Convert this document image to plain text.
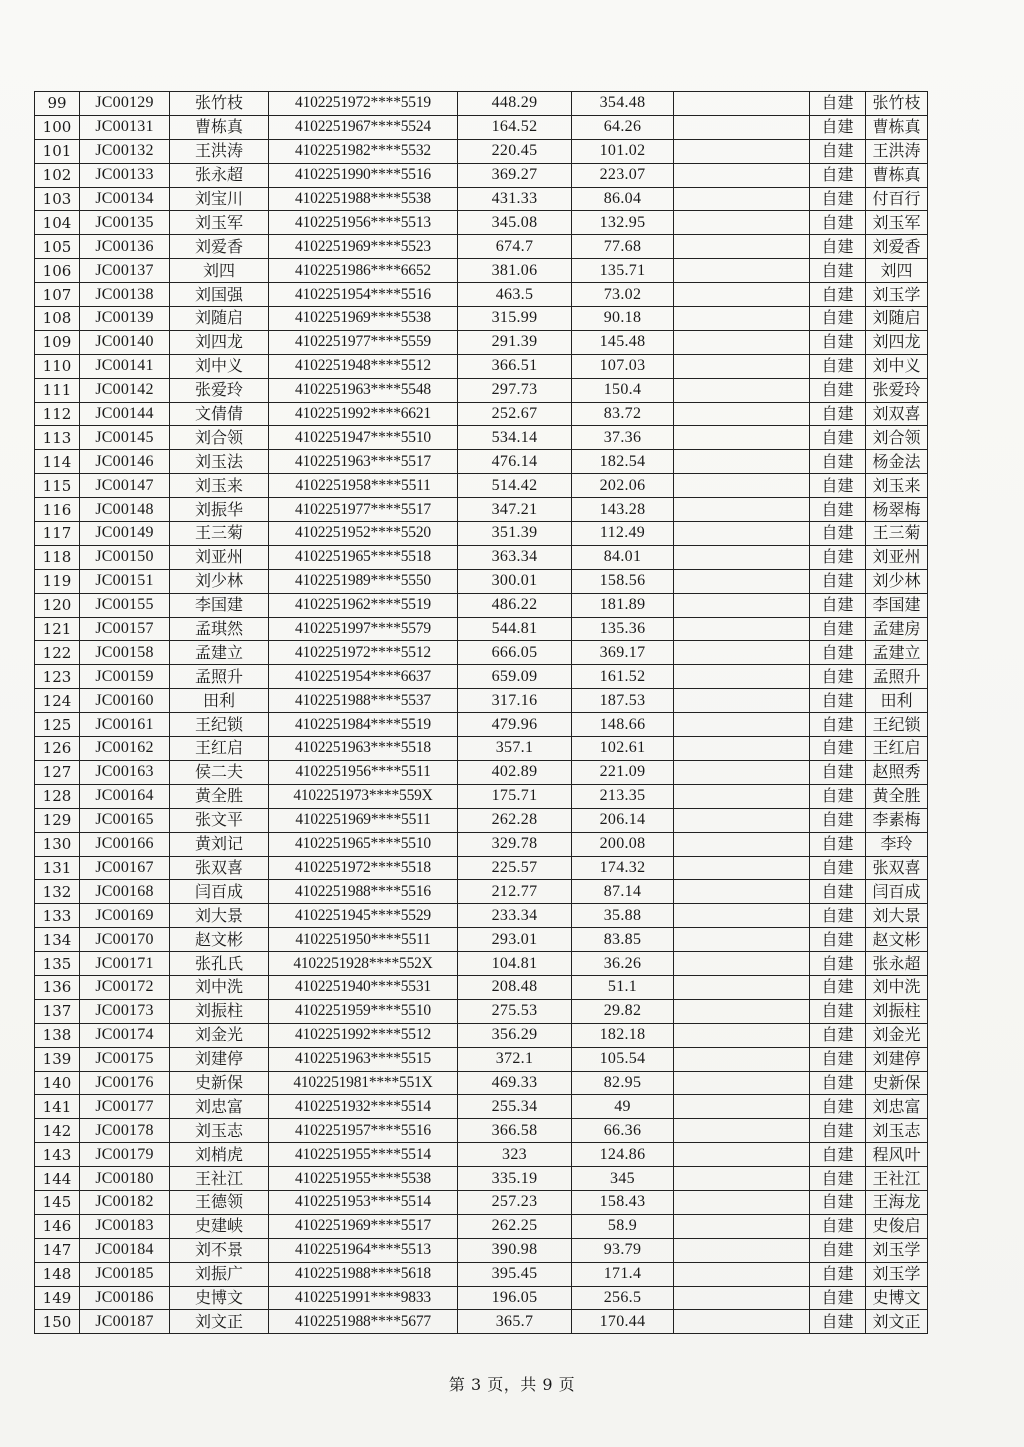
99	JC00129	张竹枝	4102251972****5519	448.29	354.48		自建	张竹枝
100	JC00131	曹栋真	4102251967****5524	164.52	64.26		自建	曹栋真
101	JC00132	王洪涛	4102251982****5532	220.45	101.02		自建	王洪涛
102	JC00133	张永超	4102251990****5516	369.27	223.07		自建	曹栋真
103	JC00134	刘宝川	4102251988****5538	431.33	86.04		自建	付百行
104	JC00135	刘玉军	4102251956****5513	345.08	132.95		自建	刘玉军
105	JC00136	刘爱香	4102251969****5523	674.7	77.68		自建	刘爱香
106	JC00137	刘四	4102251986****6652	381.06	135.71		自建	刘四
107	JC00138	刘国强	4102251954****5516	463.5	73.02		自建	刘玉学
108	JC00139	刘随启	4102251969****5538	315.99	90.18		自建	刘随启
109	JC00140	刘四龙	4102251977****5559	291.39	145.48		自建	刘四龙
110	JC00141	刘中义	4102251948****5512	366.51	107.03		自建	刘中义
111	JC00142	张爱玲	4102251963****5548	297.73	150.4		自建	张爱玲
112	JC00144	文倩倩	4102251992****6621	252.67	83.72		自建	刘双喜
113	JC00145	刘合领	4102251947****5510	534.14	37.36		自建	刘合领
114	JC00146	刘玉法	4102251963****5517	476.14	182.54		自建	杨金法
115	JC00147	刘玉来	4102251958****5511	514.42	202.06		自建	刘玉来
116	JC00148	刘振华	4102251977****5517	347.21	143.28		自建	杨翠梅
117	JC00149	王三菊	4102251952****5520	351.39	112.49		自建	王三菊
118	JC00150	刘亚州	4102251965****5518	363.34	84.01		自建	刘亚州
119	JC00151	刘少林	4102251989****5550	300.01	158.56		自建	刘少林
120	JC00155	李国建	4102251962****5519	486.22	181.89		自建	李国建
121	JC00157	孟琪然	4102251997****5579	544.81	135.36		自建	孟建房
122	JC00158	孟建立	4102251972****5512	666.05	369.17		自建	孟建立
123	JC00159	孟照升	4102251954****6637	659.09	161.52		自建	孟照升
124	JC00160	田利	4102251988****5537	317.16	187.53		自建	田利
125	JC00161	王纪锁	4102251984****5519	479.96	148.66		自建	王纪锁
126	JC00162	王红启	4102251963****5518	357.1	102.61		自建	王红启
127	JC00163	侯二夫	4102251956****5511	402.89	221.09		自建	赵照秀
128	JC00164	黄全胜	4102251973****559X	175.71	213.35		自建	黄全胜
129	JC00165	张文平	4102251969****5511	262.28	206.14		自建	李素梅
130	JC00166	黄刘记	4102251965****5510	329.78	200.08		自建	李玲
131	JC00167	张双喜	4102251972****5518	225.57	174.32		自建	张双喜
132	JC00168	闫百成	4102251988****5516	212.77	87.14		自建	闫百成
133	JC00169	刘大景	4102251945****5529	233.34	35.88		自建	刘大景
134	JC00170	赵文彬	4102251950****5511	293.01	83.85		自建	赵文彬
135	JC00171	张孔氏	4102251928****552X	104.81	36.26		自建	张永超
136	JC00172	刘中洗	4102251940****5531	208.48	51.1		自建	刘中洗
137	JC00173	刘振柱	4102251959****5510	275.53	29.82		自建	刘振柱
138	JC00174	刘金光	4102251992****5512	356.29	182.18		自建	刘金光
139	JC00175	刘建停	4102251963****5515	372.1	105.54		自建	刘建停
140	JC00176	史新保	4102251981****551X	469.33	82.95		自建	史新保
141	JC00177	刘忠富	4102251932****5514	255.34	49		自建	刘忠富
142	JC00178	刘玉志	4102251957****5516	366.58	66.36		自建	刘玉志
143	JC00179	刘梢虎	4102251955****5514	323	124.86		自建	程风叶
144	JC00180	王社江	4102251955****5538	335.19	345		自建	王社江
145	JC00182	王德领	4102251953****5514	257.23	158.43		自建	王海龙
146	JC00183	史建峡	4102251969****5517	262.25	58.9		自建	史俊启
147	JC00184	刘不景	4102251964****5513	390.98	93.79		自建	刘玉学
148	JC00185	刘振广	4102251988****5618	395.45	171.4		自建	刘玉学
149	JC00186	史博文	4102251991****9833	196.05	256.5		自建	史博文
150	JC00187	刘文正	4102251988****5677	365.7	170.44		自建	刘文正
第 3 页，共 9 页
